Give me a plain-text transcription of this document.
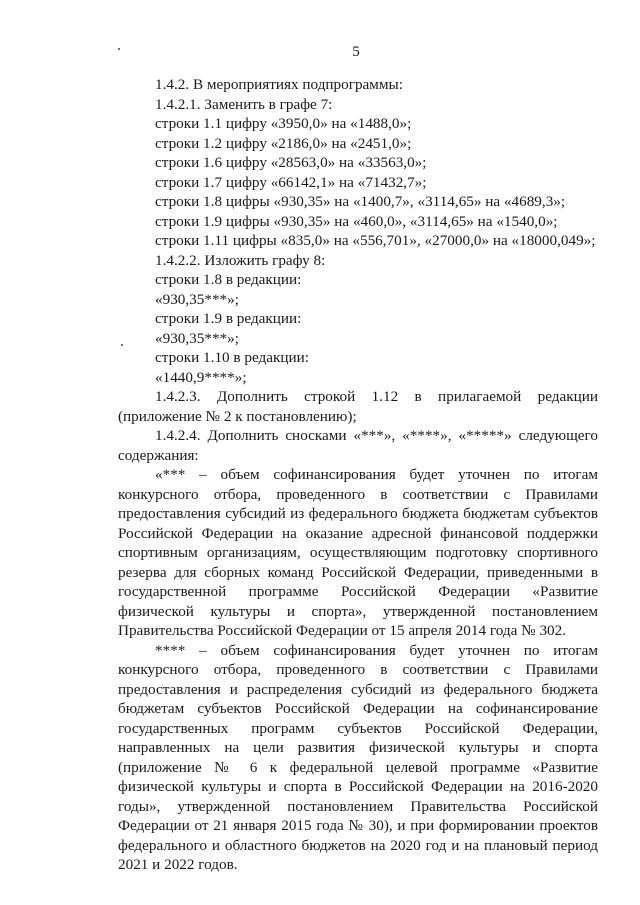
5
1.4.2. В мероприятиях подпрограммы:
1.4.2.1. Заменить в графе 7:
строки 1.1 цифру «3950,0» на «1488,0»;
строки 1.2 цифру «2186,0» на «2451,0»;
строки 1.6 цифру «28563,0» на «33563,0»;
строки 1.7 цифру «66142,1» на «71432,7»;
строки 1.8 цифры «930,35» на «1400,7», «3114,65» на «4689,3»;
строки 1.9 цифры «930,35» на «460,0», «3114,65» на «1540,0»;
строки 1.11 цифры «835,0» на «556,701», «27000,0» на «18000,049»;
1.4.2.2. Изложить графу 8:
строки 1.8 в редакции:
«930,35***»;
строки 1.9 в редакции:
«930,35***»;
строки 1.10 в редакции:
«1440,9****»;
1.4.2.3. Дополнить строкой 1.12 в прилагаемой редакции (приложение № 2 к постановлению);
1.4.2.4. Дополнить сносками «***», «****», «*****» следующего содержания:
«*** – объем софинансирования будет уточнен по итогам конкурсного отбора, проведенного в соответствии с Правилами предоставления субсидий из федерального бюджета бюджетам субъектов Российской Федерации на оказание адресной финансовой поддержки спортивным организациям, осуществляющим подготовку спортивного резерва для сборных команд Российской Федерации, приведенными в государственной программе Российской Федерации «Развитие физической культуры и спорта», утвержденной постановлением Правительства Российской Федерации от 15 апреля 2014 года № 302.
**** – объем софинансирования будет уточнен по итогам конкурсного отбора, проведенного в соответствии с Правилами предоставления и распределения субсидий из федерального бюджета бюджетам субъектов Российской Федерации на софинансирование государственных программ субъектов Российской Федерации, направленных на цели развития физической культуры и спорта (приложение № 6 к федеральной целевой программе «Развитие физической культуры и спорта в Российской Федерации на 2016-2020 годы», утвержденной постановлением Правительства Российской Федерации от 21 января 2015 года № 30), и при формировании проектов федерального и областного бюджетов на 2020 год и на плановый период 2021 и 2022 годов.
